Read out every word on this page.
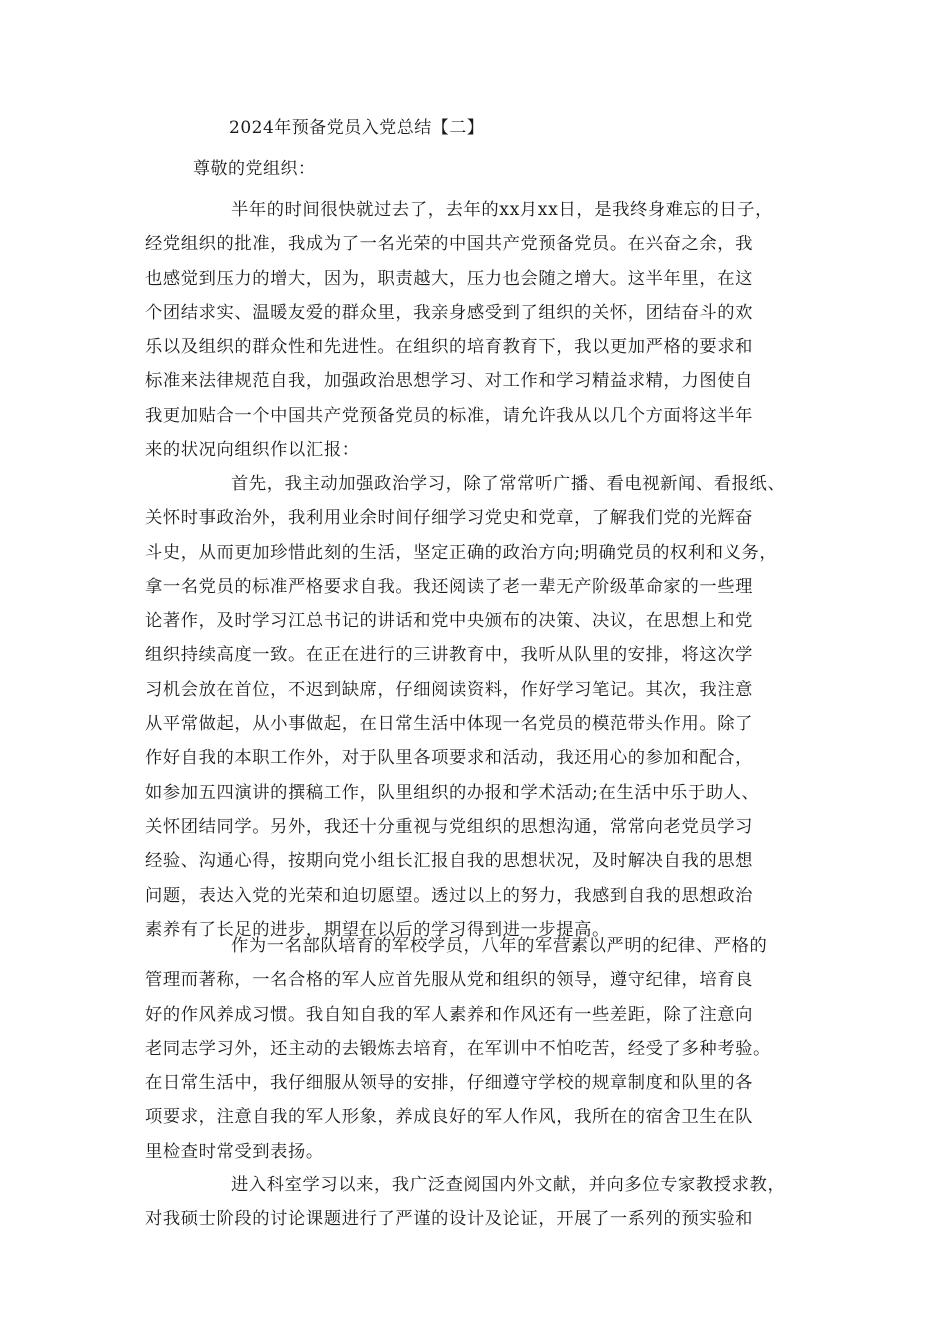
2024年预备党员入党总结【二】
尊敬的党组织：
半年的时间很快就过去了，去年的xx月xx日，是我终身难忘的日子，
经党组织的批准，我成为了一名光荣的中国共产党预备党员。在兴奋之余，我
也感觉到压力的增大，因为，职责越大，压力也会随之增大。这半年里，在这
个团结求实、温暖友爱的群众里，我亲身感受到了组织的关怀，团结奋斗的欢
乐以及组织的群众性和先进性。在组织的培育教育下，我以更加严格的要求和
标准来法律规范自我，加强政治思想学习、对工作和学习精益求精，力图使自
我更加贴合一个中国共产党预备党员的标准，请允许我从以几个方面将这半年
来的状况向组织作以汇报：
首先，我主动加强政治学习，除了常常听广播、看电视新闻、看报纸、
关怀时事政治外，我利用业余时间仔细学习党史和党章，了解我们党的光辉奋
斗史，从而更加珍惜此刻的生活，坚定正确的政治方向;明确党员的权利和义务，
拿一名党员的标准严格要求自我。我还阅读了老一辈无产阶级革命家的一些理
论著作，及时学习江总书记的讲话和党中央颁布的决策、决议，在思想上和党
组织持续高度一致。在正在进行的三讲教育中，我听从队里的安排，将这次学
习机会放在首位，不迟到缺席，仔细阅读资料，作好学习笔记。其次，我注意
从平常做起，从小事做起，在日常生活中体现一名党员的模范带头作用。除了
作好自我的本职工作外，对于队里各项要求和活动，我还用心的参加和配合，
如参加五四演讲的撰稿工作，队里组织的办报和学术活动;在生活中乐于助人、
关怀团结同学。另外，我还十分重视与党组织的思想沟通，常常向老党员学习
经验、沟通心得，按期向党小组长汇报自我的思想状况，及时解决自我的思想
问题，表达入党的光荣和迫切愿望。透过以上的努力，我感到自我的思想政治
素养有了长足的进步，期望在以后的学习得到进一步提高。
作为一名部队培育的军校学员，八年的军营素以严明的纪律、严格的
管理而著称，一名合格的军人应首先服从党和组织的领导，遵守纪律，培育良
好的作风养成习惯。我自知自我的军人素养和作风还有一些差距，除了注意向
老同志学习外，还主动的去锻炼去培育，在军训中不怕吃苦，经受了多种考验。
在日常生活中，我仔细服从领导的安排，仔细遵守学校的规章制度和队里的各
项要求，注意自我的军人形象，养成良好的军人作风，我所在的宿舍卫生在队
里检查时常受到表扬。
进入科室学习以来，我广泛查阅国内外文献，并向多位专家教授求教，
对我硕士阶段的讨论课题进行了严谨的设计及论证，开展了一系列的预实验和
